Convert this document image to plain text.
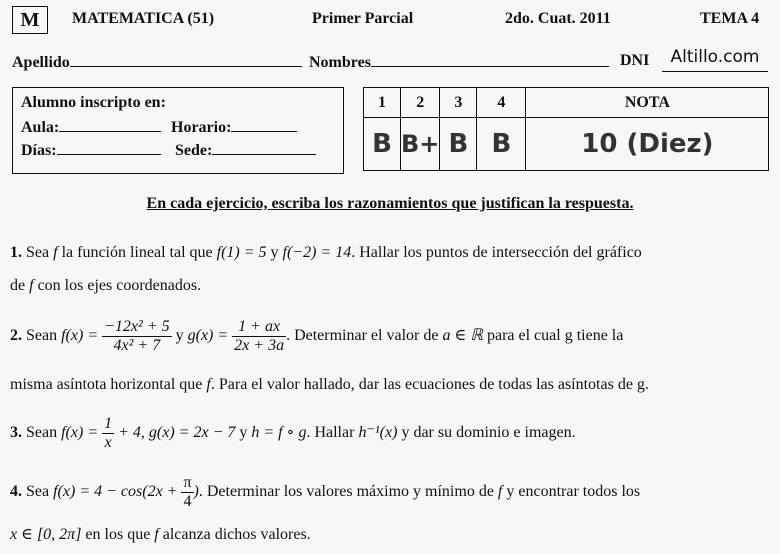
M	MATEMATICA (51)	Primer Parcial	2do. Cuat. 2011	TEMA 4
Apellido	Nombres	DNI	Altillo.com
Alumno inscripto en:
Aula:	Horario:
Días:	Sede:
1	2	3	4	NOTA
B	B+	B	B	10 (Diez)
En cada ejercicio, escriba los razonamientos que justifican la respuesta.
1. Sea f la función lineal tal que f(1) = 5 y f(−2) = 14. Hallar los puntos de intersección del gráfico
de f con los ejes coordenados.
2. Sean $f(x) = \frac{\text{−12x² + 5}}{\text{4x² + 7}}$ y $g(x) = \frac{1 + ax}{2x + 3a}$ . Determinar el valor de a ∈ ℝ para el cual g tiene la
misma asíntota horizontal que f. Para el valor hallado, dar las ecuaciones de todas las asíntotas de g.
3. Sean $f(x) = \frac{1}{x} + 4$, g(x) = 2x − 7 y h = f ∘ g. Hallar h⁻¹(x) y dar su dominio e imagen.
4. Sea $f(x) = 4 - \cos(2x + \frac{\pi}{4}$ ). Determinar los valores máximo y mínimo de f y encontrar todos los
x ∈ [0, 2π] en los que f alcanza dichos valores.
